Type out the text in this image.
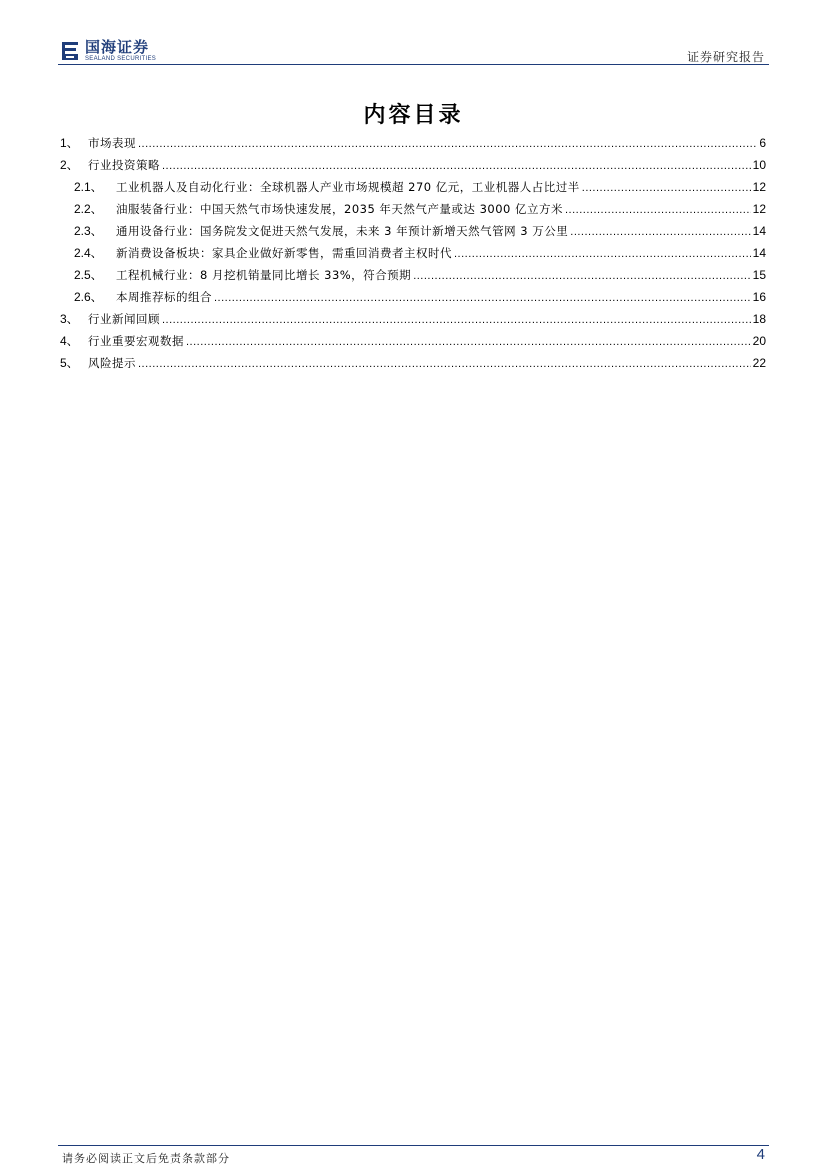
国海证券
SEALAND SECURITIES	证券研究报告
内容目录
1、 市场表现 .....	6
2、 行业投资策略 .....	10
2.1、	工业机器人及自动化行业：全球机器人产业市场规模超 270 亿元，工业机器人占比过半 .....	12
2.2、	油服装备行业：中国天然气市场快速发展，2035 年天然气产量或达 3000 亿立方米 .....	12
2.3、	通用设备行业：国务院发文促进天然气发展，未来 3 年预计新增天然气管网 3 万公里 .....	14
2.4、	新消费设备板块：家具企业做好新零售，需重回消费者主权时代 .....	14
2.5、	工程机械行业：8 月挖机销量同比增长 33%，符合预期 .....	15
2.6、	本周推荐标的组合 .....	16
3、 行业新闻回顾 .....	18
4、 行业重要宏观数据 .....	20
5、 风险提示 .....	22
请务必阅读正文后免责条款部分	4
